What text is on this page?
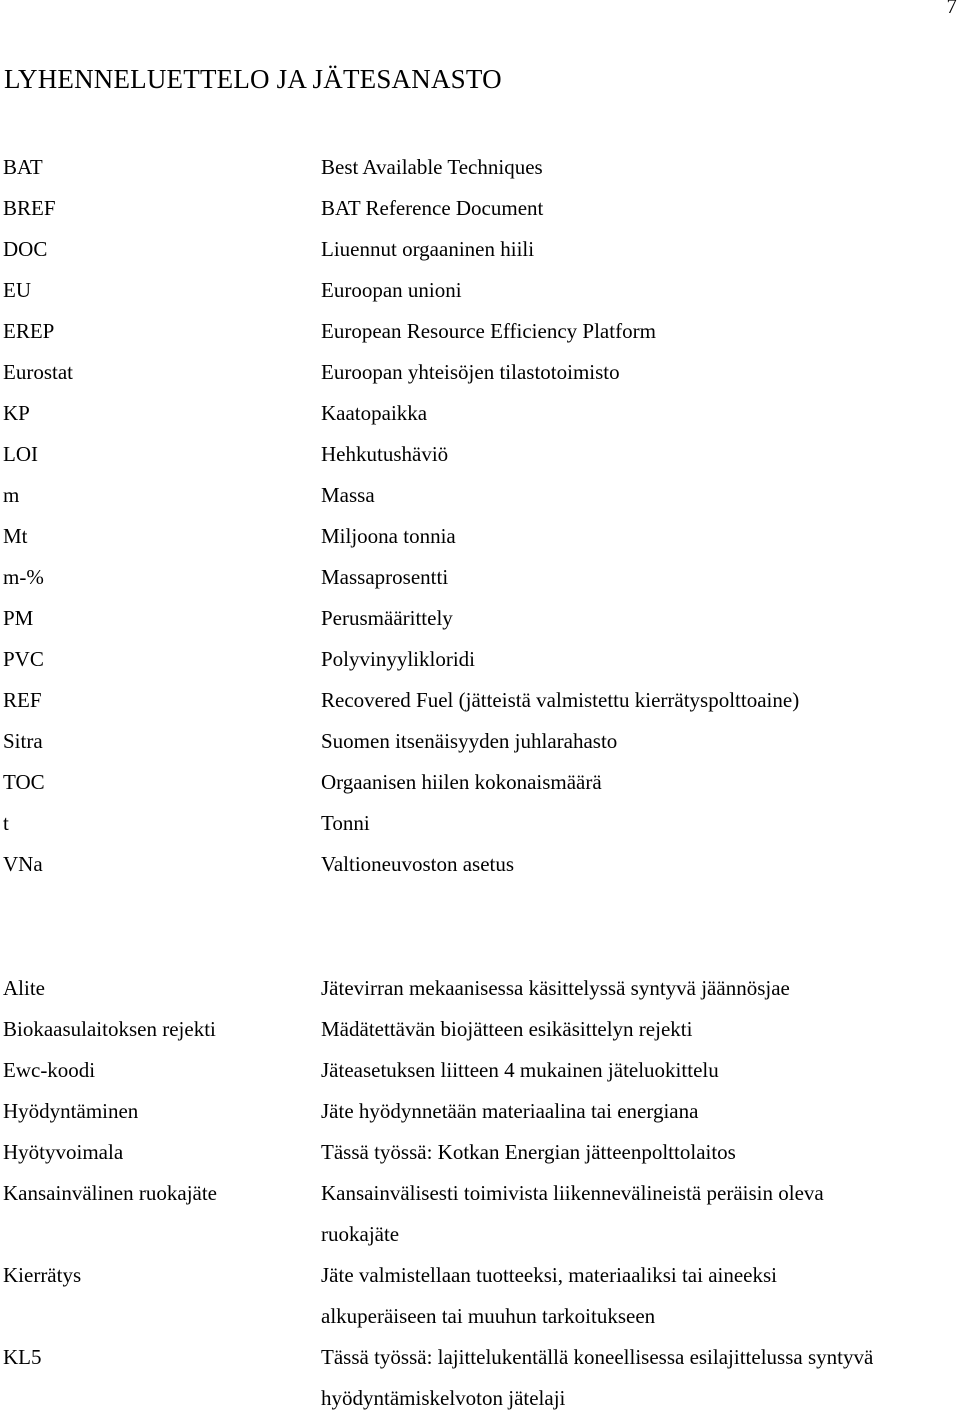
7
LYHENNELUETTELO JA JÄTESANASTO
BAT	Best Available Techniques
BREF	BAT Reference Document
DOC	Liuennut orgaaninen hiili
EU	Euroopan unioni
EREP	European Resource Efficiency Platform
Eurostat	Euroopan yhteisöjen tilastotoimisto
KP	Kaatopaikka
LOI	Hehkutushäviö
m	Massa
Mt	Miljoona tonnia
m-%	Massaprosentti
PM	Perusmäärittely
PVC	Polyvinyylikloridi
REF	Recovered Fuel (jätteistä valmistettu kierrätyspolttoaine)
Sitra	Suomen itsenäisyyden juhlarahasto
TOC	Orgaanisen hiilen kokonaismäärä
t	Tonni
VNa	Valtioneuvoston asetus
Alite	Jätevirran mekaanisessa käsittelyssä syntyvä jäännösjae
Biokaasulaitoksen rejekti	Mädätettävän biojätteen esikäsittelyn rejekti
Ewc-koodi	Jäteasetuksen liitteen 4 mukainen jäteluokittelu
Hyödyntäminen	Jäte hyödynnetään materiaalina tai energiana
Hyötyvoimala	Tässä työssä: Kotkan Energian jätteenpolttolaitos
Kansainvälinen ruokajäte	Kansainvälisesti toimivista liikennevälineistä peräisin oleva
ruokajäte
Kierrätys	Jäte valmistellaan tuotteeksi, materiaaliksi tai aineeksi
alkuperäiseen tai muuhun tarkoitukseen
KL5	Tässä työssä: lajittelukentällä koneellisessa esilajittelussa syntyvä
hyödyntämiskelvoton jätelaji
